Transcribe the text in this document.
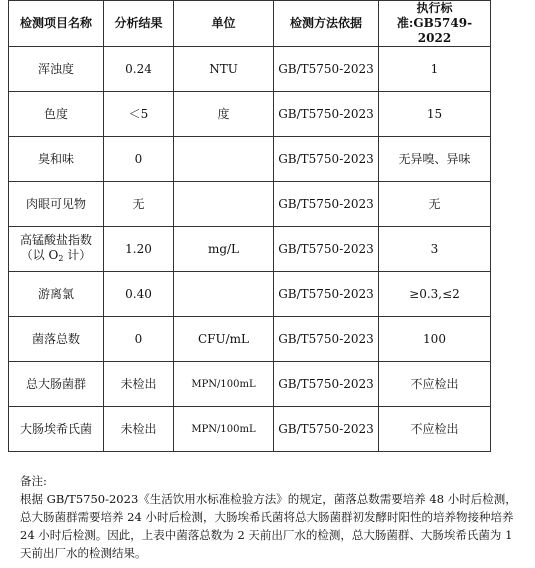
检测项目名称	分析结果	单位	检测方法依据	执行标
准:GB5749-2022

浑浊度	0.24	NTU	GB/T5750-2023	1
色度	＜5	度	GB/T5750-2023	15
臭和味	0		GB/T5750-2023	无异嗅、异味
肉眼可见物	无		GB/T5750-2023	无

高锰酸盐指数
（以 $O_2$ 计）	1.20	mg/L	GB/T5750-2023	3
游离氯	0.40		GB/T5750-2023	≥0.3,≤2
菌落总数	0	CFU/mL	GB/T5750-2023	100
总大肠菌群	未检出	MPN/100mL	GB/T5750-2023	不应检出
大肠埃希氏菌	未检出	MPN/100mL	GB/T5750-2023	不应检出

备注:

根据 GB/T5750-2023《生活饮用水标准检验方法》的规定，菌落总数需要培养 48 小时后检测，总大肠菌群需要培养 24 小时后检测，大肠埃希氏菌将总大肠菌群初发酵时阳性的培养物接种培养 24 小时后检测。因此，上表中菌落总数为 2 天前出厂水的检测，总大肠菌群、大肠埃希氏菌为 1 天前出厂水的检测结果。
